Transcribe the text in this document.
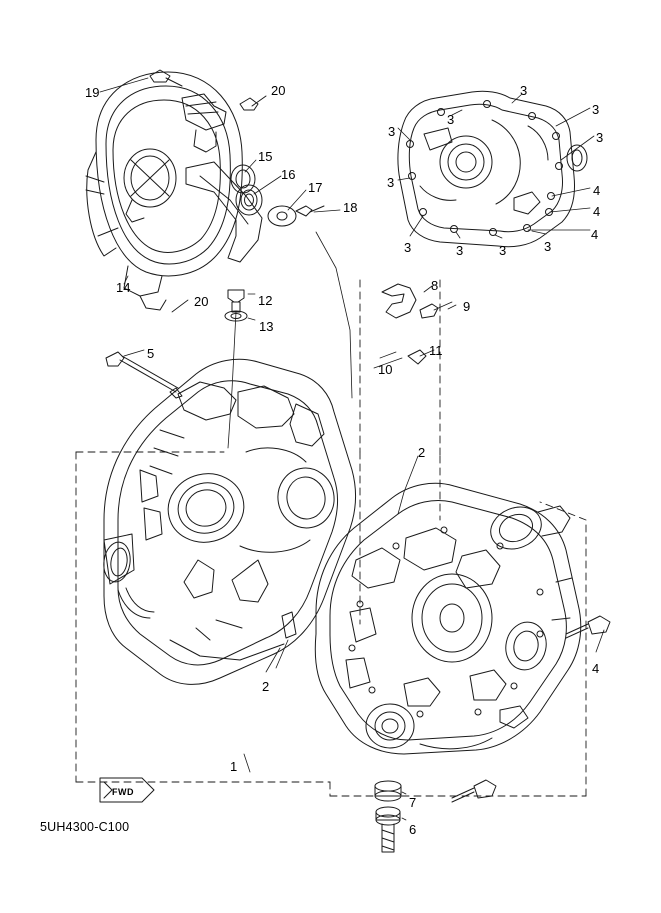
19	20
15
16
17
18
3
3
3
3	3
3
4
4
3	3	3	3
4
14
20	12
13
8
9
11
10
5
2
2
4
1
7
6
FWD
5UH4300-C100
